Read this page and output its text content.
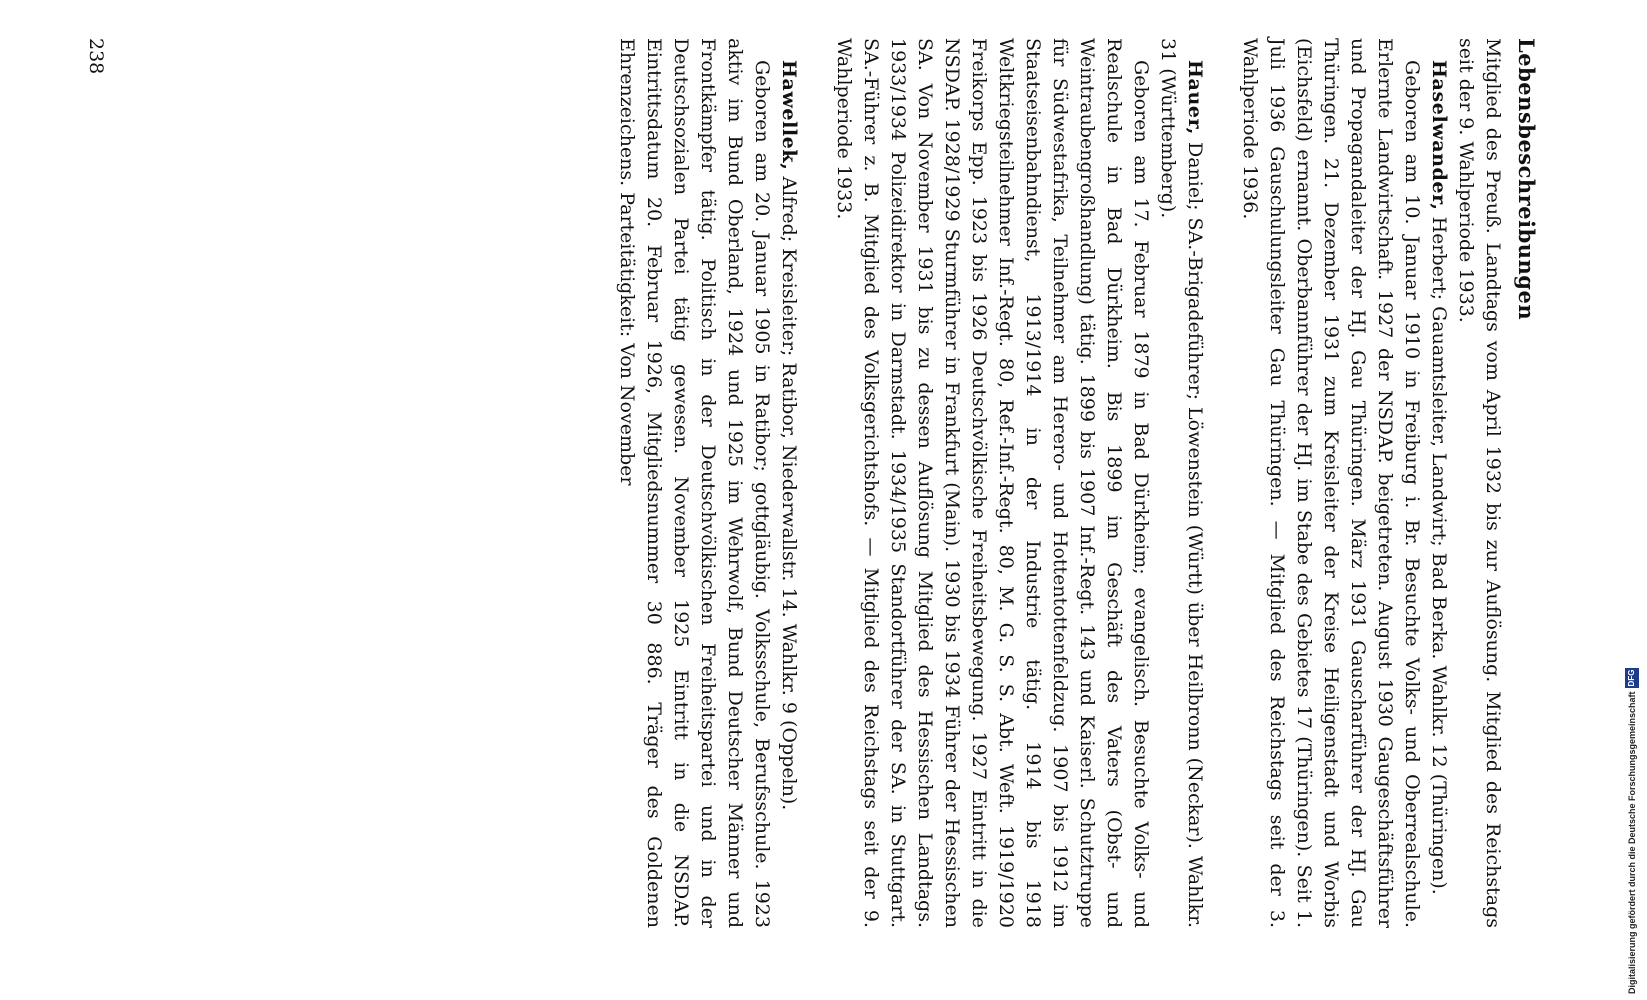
Lebensbeschreibungen

Mitglied des Preuß. Landtags vom April 1932 bis zur Auflösung. Mitglied des Reichstags seit der 9. Wahlperiode 1933.

Haselwander, Herbert; Gauamtsleiter, Landwirt; Bad Berka. Wahlkr. 12 (Thüringen).

Geboren am 10. Januar 1910 in Freiburg i. Br. Besuchte Volks- und Oberrealschule. Erlernte Landwirtschaft. 1927 der NSDAP. beigetreten. August 1930 Gaugeschäftsführer und Propagandaleiter der HJ. Gau Thüringen. März 1931 Gauscharführer der HJ. Gau Thüringen. 21. Dezember 1931 zum Kreisleiter der Kreise Heiligenstadt und Worbis (Eichsfeld) ernannt. Oberbannführer der HJ. im Stabe des Gebietes 17 (Thüringen). Seit 1. Juli 1936 Gauschulungsleiter Gau Thüringen. — Mitglied des Reichstags seit der 3. Wahlperiode 1936.

Hauer, Daniel; SA.-Brigadeführer; Löwenstein (Württ) über Heilbronn (Neckar). Wahlkr. 31 (Württemberg).

Geboren am 17. Februar 1879 in Bad Dürkheim; evangelisch. Besuchte Volks- und Realschule in Bad Dürkheim. Bis 1899 im Geschäft des Vaters (Obst- und Weintraubengroßhandlung) tätig. 1899 bis 1907 Inf.-Regt. 143 und Kaiserl. Schutztruppe für Südwestafrika, Teilnehmer am Herero- und Hottentottenfeldzug. 1907 bis 1912 im Staatseisenbahndienst, 1913/1914 in der Industrie tätig. 1914 bis 1918 Weltkriegsteilnehmer Inf.-Regt. 80, Ref.-Inf.-Regt. 80, M. G. S. S. Abt. Weft. 1919/1920 Freikorps Epp. 1923 bis 1926 Deutschvölkische Freiheitsbewegung. 1927 Eintritt in die NSDAP. 1928/1929 Sturmführer in Frankfurt (Main). 1930 bis 1934 Führer der Hessischen SA. Von November 1931 bis zu dessen Auflösung Mitglied des Hessischen Landtags. 1933/1934 Polizeidirektor in Darmstadt. 1934/1935 Standortführer der SA. in Stuttgart. SA.-Führer z. B. Mitglied des Volksgerichtshofs. — Mitglied des Reichstags seit der 9. Wahlperiode 1933.

Hawellek, Alfred; Kreisleiter; Ratibor, Niederwallstr. 14. Wahlkr. 9 (Oppeln).

Geboren am 20. Januar 1905 in Ratibor; gottgläubig. Volksschule, Berufsschule. 1923 aktiv im Bund Oberland, 1924 und 1925 im Wehrwolf, Bund Deutscher Männer und Frontkämpfer tätig. Politisch in der Deutschvölkischen Freiheitspartei und in der Deutschsozialen Partei tätig gewesen. November 1925 Eintritt in die NSDAP. Eintrittsdatum 20. Februar 1926, Mitgliedsnummer 30 886. Träger des Goldenen Ehrenzeichens. Parteitätigkeit: Von November

238
Digitalisierung gefördert durch die Deutsche Forschungsgemeinschaft
DFG
